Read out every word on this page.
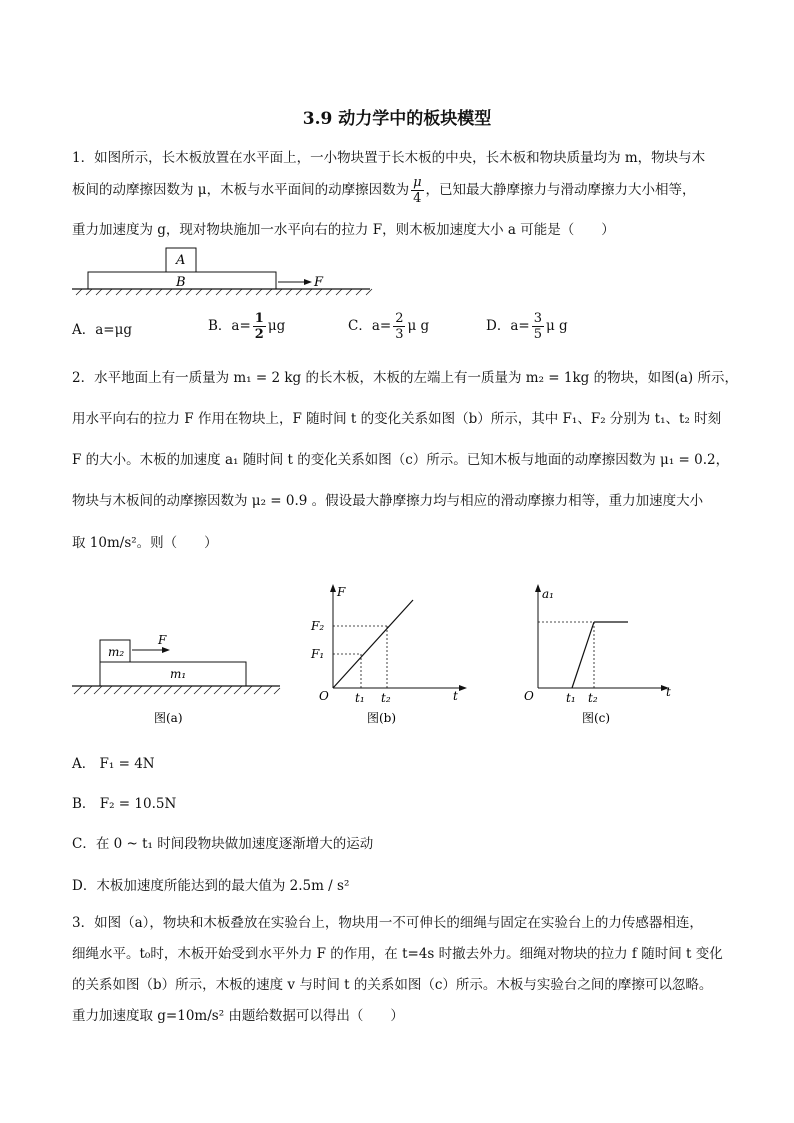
3.9 动力学中的板块模型
1．如图所示，长木板放置在水平面上，一小物块置于长木板的中央，长木板和物块质量均为 m，物块与木
板间的动摩擦因数为 μ，木板与水平面间的动摩擦因数为 $\frac{\mu}{4}$ ，已知最大静摩擦力与滑动摩擦力大小相等，
重力加速度为 g，现对物块施加一水平向右的拉力 F，则木板加速度大小 a 可能是（　　）
A
B	F
A．a=μg	B．$a= \frac{1}{2}$ μg	C．$a= \frac{2}{3}$ μ g	D．$a= \frac{3}{5}$ μ g
2．水平地面上有一质量为 m₁ = 2 kg 的长木板，木板的左端上有一质量为 m₂ = 1kg 的物块，如图(a) 所示，
用水平向右的拉力 F 作用在物块上，F 随时间 t 的变化关系如图（b）所示，其中 F₁、F₂ 分别为 t₁、t₂ 时刻
F 的大小。木板的加速度 a₁ 随时间 t 的变化关系如图（c）所示。已知木板与地面的动摩擦因数为 μ₁ = 0.2，
物块与木板间的动摩擦因数为 μ₂ = 0.9 。假设最大静摩擦力均与相应的滑动摩擦力相等，重力加速度大小
取 10m/s²。则（　　）
m₂
m₁
F
图(a)
F
F₂
F₁
O t₁ t₂	t
图(b)
a₁
O	t₁ t₂	t
图(c)
A． F₁ = 4N
B． F₂ = 10.5N
C．在 0 ~ t₁ 时间段物块做加速度逐渐增大的运动
D．木板加速度所能达到的最大值为 2.5m / s²
3．如图（a），物块和木板叠放在实验台上，物块用一不可伸长的细绳与固定在实验台上的力传感器相连，
细绳水平。t₀时，木板开始受到水平外力 F 的作用，在 t=4s 时撤去外力。细绳对物块的拉力 f 随时间 t 变化
的关系如图（b）所示，木板的速度 v 与时间 t 的关系如图（c）所示。木板与实验台之间的摩擦可以忽略。
重力加速度取 g=10m/s² 由题给数据可以得出（　　）
